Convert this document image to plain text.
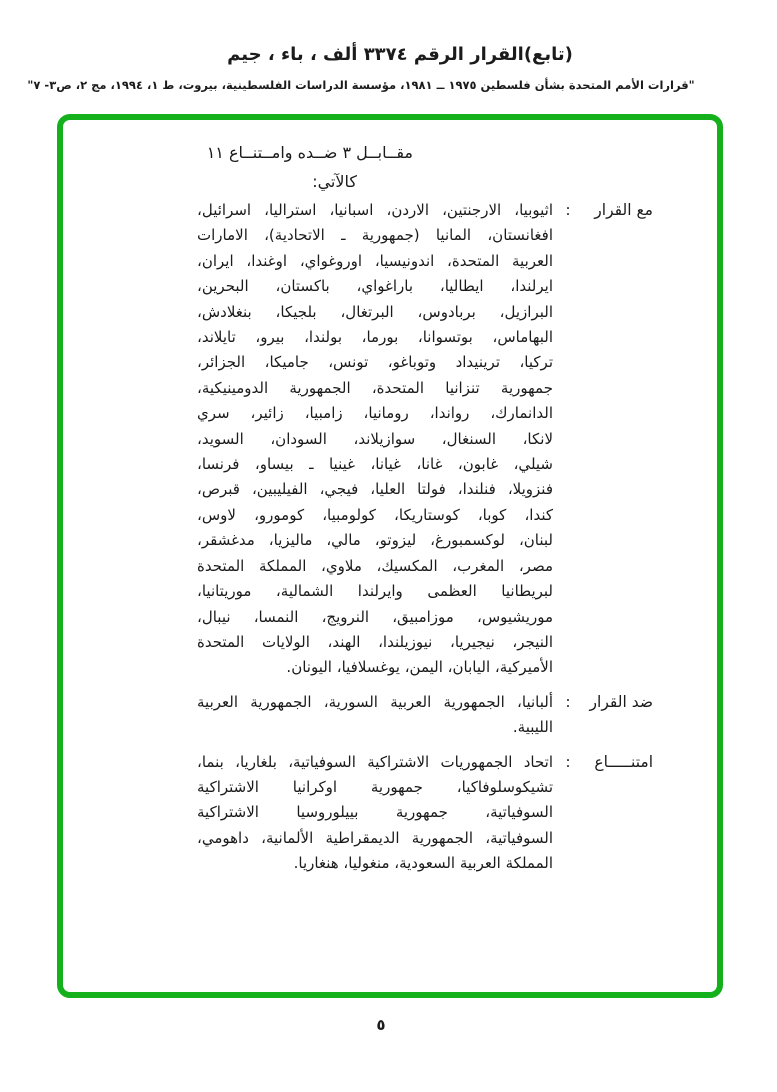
(تابع)القرار الرقم ٣٣٧٤ ألف ، باء ، جيم
"قرارات الأمم المتحدة بشأن فلسطين ١٩٧٥ ــ ١٩٨١، مؤسسة الدراسات الفلسطينية، بيروت، ط ١، ١٩٩٤، مج ٢، ص٣- ٧"
مقــابــل ٣ ضــده وامــتنــاع ١١
كالآتي:
مع القرار
:
اثيوبيا، الارجنتين، الاردن، اسبانيا، استراليا، اسرائيل،
افغانستان، المانيا (جمهورية ـ الاتحادية)، الامارات
العربية المتحدة، اندونيسيا، اوروغواي، اوغندا، ايران،
ايرلندا، ايطاليا، باراغواي، باكستان، البحرين،
البرازيل، بربادوس، البرتغال، بلجيكا، بنغلادش،
البهاماس، بوتسوانا، بورما، بولندا، بيرو، تايلاند،
تركيا، ترينيداد وتوباغو، تونس، جاميكا، الجزائر،
جمهورية تنزانيا المتحدة، الجمهورية الدومينيكية،
الدانمارك، رواندا، رومانيا، زامبيا، زائير، سري
لانكا، السنغال، سوازيلاند، السودان، السويد،
شيلي، غابون، غانا، غيانا، غينيا ـ بيساو، فرنسا،
فنزويلا، فنلندا، فولتا العليا، فيجي، الفيليبين، قبرص،
كندا، كوبا، كوستاريكا، كولومبيا، كومورو، لاوس،
لبنان، لوكسمبورغ، ليزوتو، مالي، ماليزيا، مدغشقر،
مصر، المغرب، المكسيك، ملاوي، المملكة المتحدة
لبريطانيا العظمى وايرلندا الشمالية، موريتانيا،
موريشيوس، موزامبيق، النرويج، النمسا، نيبال،
النيجر، نيجيريا، نيوزيلندا، الهند، الولايات المتحدة
الأميركية، اليابان، اليمن، يوغسلافيا، اليونان.
ضد القرار
:
ألبانيا، الجمهورية العربية السورية، الجمهورية العربية
الليبية.
امتنـــــاع
:
اتحاد الجمهوريات الاشتراكية السوفياتية، بلغاريا، بنما،
تشيكوسلوفاكيا، جمهورية اوكرانيا الاشتراكية
السوفياتية، جمهورية بييلوروسيا الاشتراكية
السوفياتية، الجمهورية الديمقراطية الألمانية، داهومي،
المملكة العربية السعودية، منغوليا، هنغاريا.
٥
